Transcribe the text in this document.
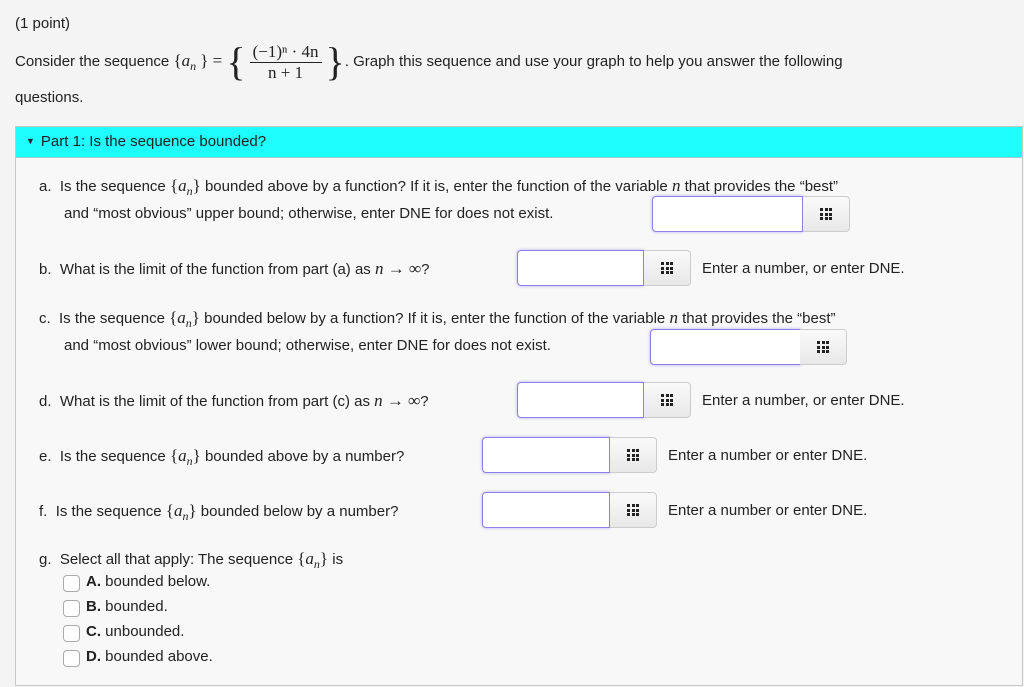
(1 point)
Consider the sequence {$a_n$ } = { $\frac{\text{(−1)ⁿ · 4n}}{n + 1}$ }. Graph this sequence and use your graph to help you answer the following
questions.
▼ Part 1: Is the sequence bounded?
a. Is the sequence $\{a_n\}$ bounded above by a function? If it is, enter the function of the variable n that provides the “best”
and “most obvious” upper bound; otherwise, enter DNE for does not exist.
b. What is the limit of the function from part (a) as n → ∞?	Enter a number, or enter DNE.
c. Is the sequence $\{a_n\}$ bounded below by a function? If it is, enter the function of the variable n that provides the “best”
and “most obvious” lower bound; otherwise, enter DNE for does not exist.
d. What is the limit of the function from part (c) as n → ∞?	Enter a number, or enter DNE.
e. Is the sequence $\{a_n\}$ bounded above by a number?	Enter a number or enter DNE.
f. Is the sequence $\{a_n\}$ bounded below by a number?	Enter a number or enter DNE.
g. Select all that apply: The sequence $\{a_n\}$ is
A. bounded below.
B. bounded.
C. unbounded.
D. bounded above.
